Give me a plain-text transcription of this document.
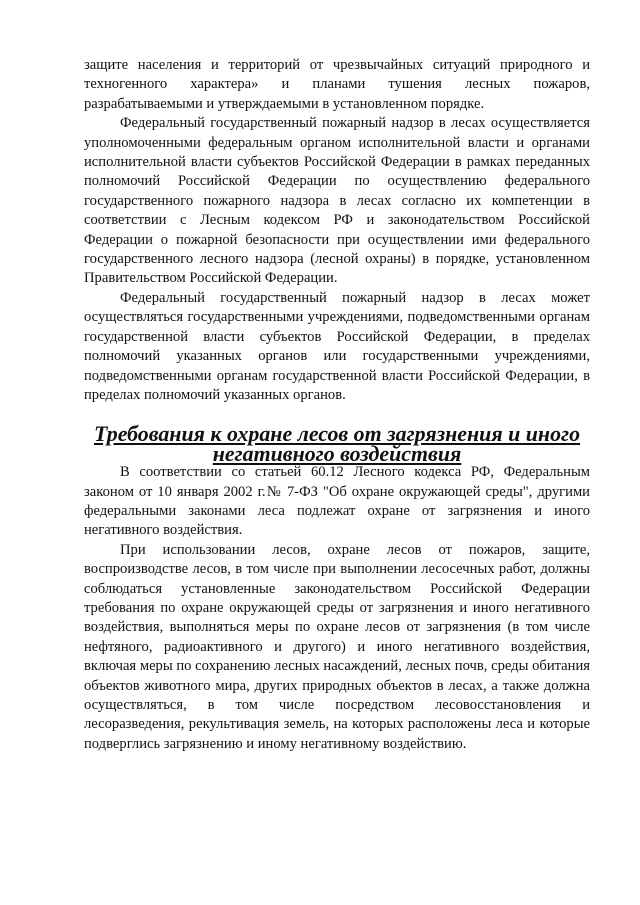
защите населения и территорий от чрезвычайных ситуаций природного и техногенного характера» и планами тушения лесных пожаров, разрабатываемыми и утверждаемыми в установленном порядке.

Федеральный государственный пожарный надзор в лесах осуществляется уполномоченными федеральным органом исполнительной власти и органами исполнительной власти субъектов Российской Федерации в рамках переданных полномочий Российской Федерации по осуществлению федерального государственного пожарного надзора в лесах согласно их компетенции в соответствии с Лесным кодексом РФ и законодательством Российской Федерации о пожарной безопасности при осуществлении ими федерального государственного лесного надзора (лесной охраны) в порядке, установленном Правительством Российской Федерации.

Федеральный государственный пожарный надзор в лесах может осуществляться государственными учреждениями, подведомственными органам государственной власти субъектов Российской Федерации, в пределах полномочий указанных органов или государственными учреждениями, подведомственными органам государственной власти Российской Федерации, в пределах полномочий указанных органов.

Требования к охране лесов от загрязнения и иного
негативного воздействия

В соответствии со статьей 60.12 Лесного кодекса РФ, Федеральным законом от 10 января 2002 г.№ 7-ФЗ "Об охране окружающей среды", другими федеральными законами леса подлежат охране от загрязнения и иного негативного воздействия.

При использовании лесов, охране лесов от пожаров, защите, воспроизводстве лесов, в том числе при выполнении лесосечных работ, должны соблюдаться установленные законодательством Российской Федерации требования по охране окружающей среды от загрязнения и иного негативного воздействия, выполняться меры по охране лесов от загрязнения (в том числе нефтяного, радиоактивного и другого) и иного негативного воздействия, включая меры по сохранению лесных насаждений, лесных почв, среды обитания объектов животного мира, других природных объектов в лесах, а также должна осуществляться, в том числе посредством лесовосстановления и лесоразведения, рекультивация земель, на которых расположены леса и которые подверглись загрязнению и иному негативному воздействию.
